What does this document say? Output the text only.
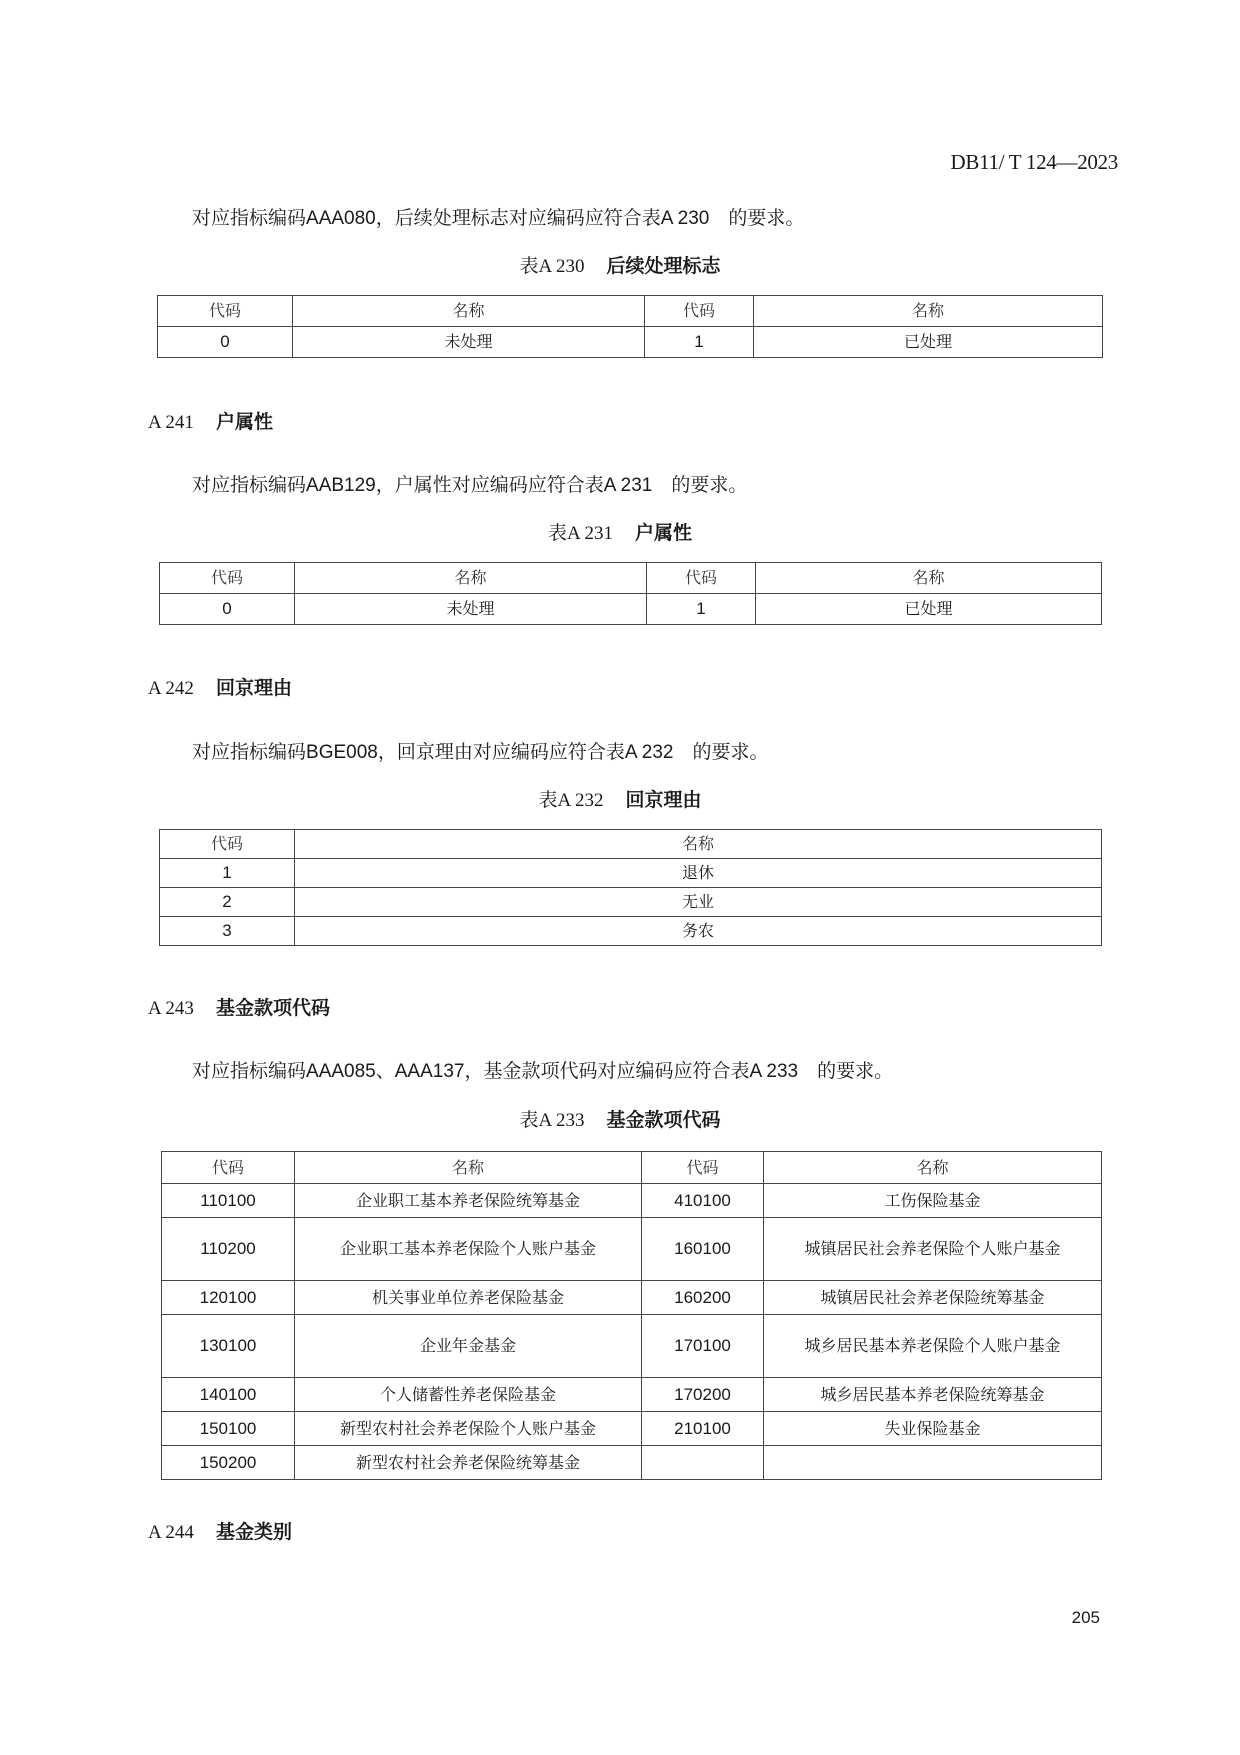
DB11/ T 124—2023
对应指标编码AAA080，后续处理标志对应编码应符合表A 230　的要求。
表A 230 后续处理标志
代码	名称	代码	名称
0	未处理	1	已处理
A 241 户属性
对应指标编码AAB129，户属性对应编码应符合表A 231　的要求。
表A 231 户属性
代码	名称	代码	名称
0	未处理	1	已处理
A 242 回京理由
对应指标编码BGE008，回京理由对应编码应符合表A 232　的要求。
表A 232 回京理由
代码	名称
1	退休
2	无业
3	务农
A 243 基金款项代码
对应指标编码AAA085、AAA137，基金款项代码对应编码应符合表A 233　的要求。
表A 233 基金款项代码
代码	名称	代码	名称
110100	企业职工基本养老保险统筹基金	410100	工伤保险基金
110200	企业职工基本养老保险个人账户基金	160100	城镇居民社会养老保险个人账户基金
120100	机关事业单位养老保险基金	160200	城镇居民社会养老保险统筹基金
130100	企业年金基金	170100	城乡居民基本养老保险个人账户基金
140100	个人储蓄性养老保险基金	170200	城乡居民基本养老保险统筹基金
150100	新型农村社会养老保险个人账户基金	210100	失业保险基金
150200	新型农村社会养老保险统筹基金		
A 244 基金类别
205
